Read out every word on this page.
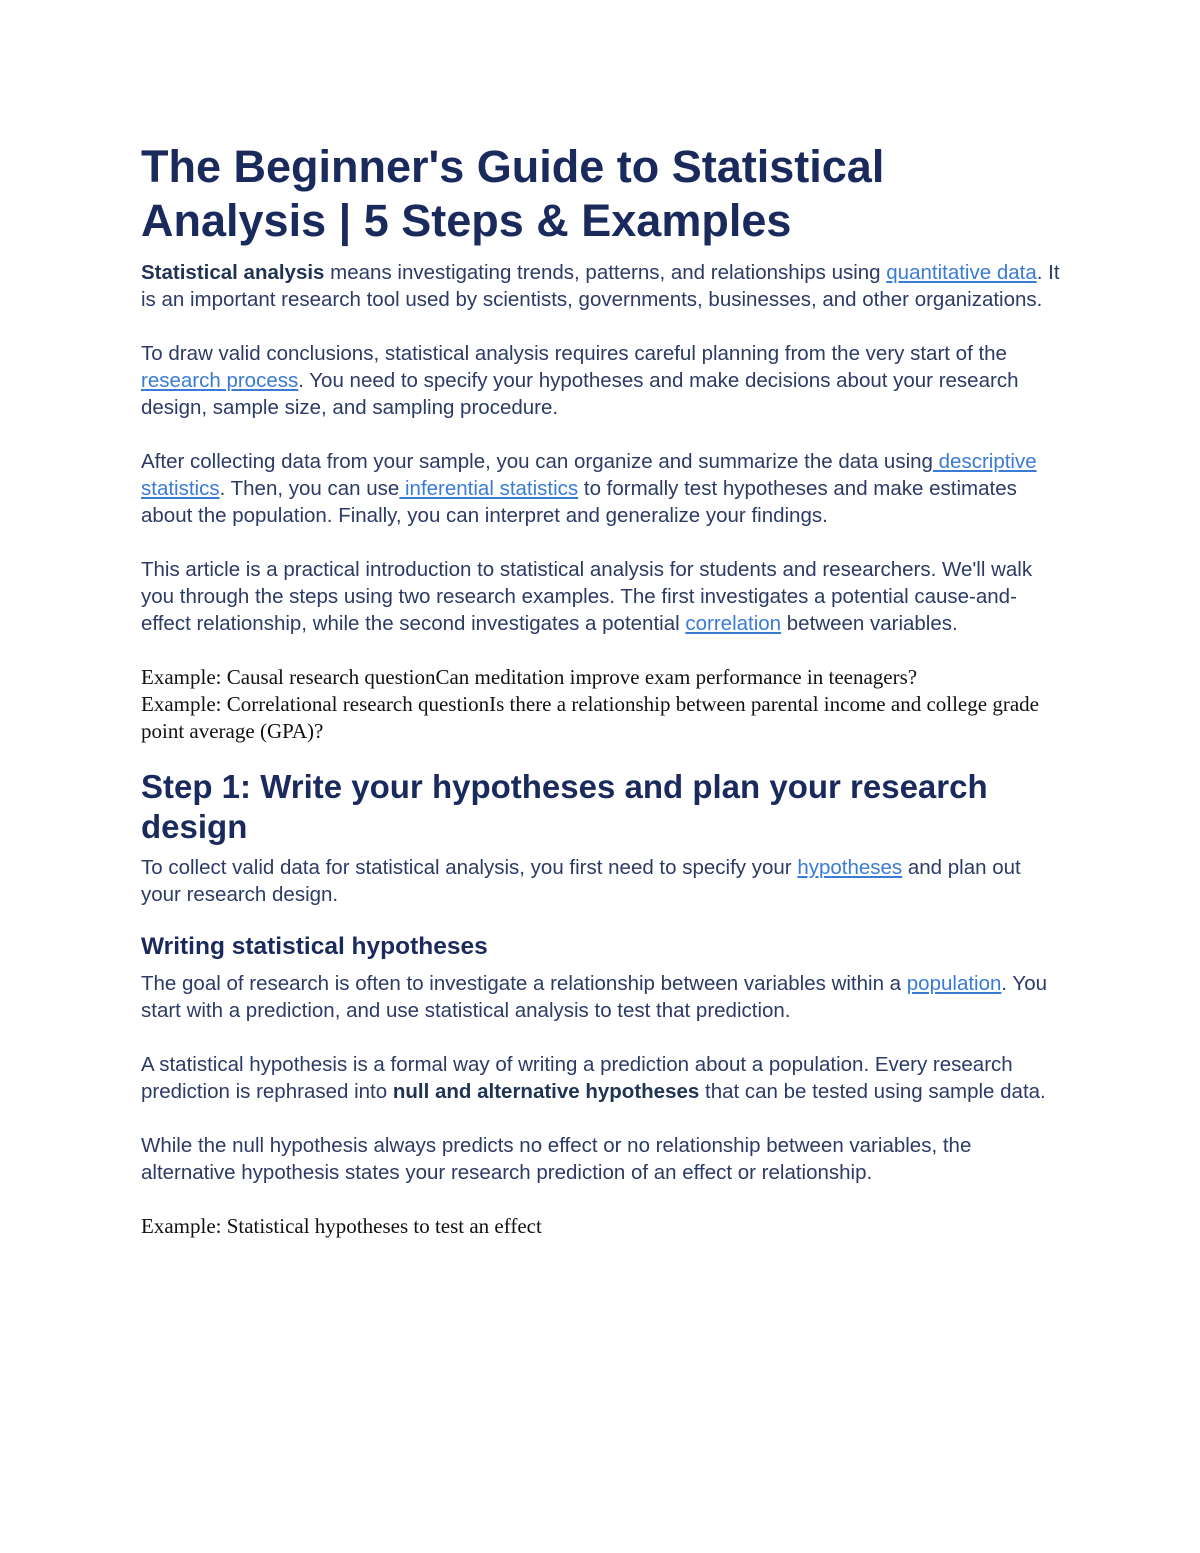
The Beginner's Guide to Statistical Analysis | 5 Steps & Examples

Statistical analysis means investigating trends, patterns, and relationships using quantitative data. It is an important research tool used by scientists, governments, businesses, and other organizations.

To draw valid conclusions, statistical analysis requires careful planning from the very start of the research process. You need to specify your hypotheses and make decisions about your research design, sample size, and sampling procedure.

After collecting data from your sample, you can organize and summarize the data using descriptive statistics. Then, you can use inferential statistics to formally test hypotheses and make estimates about the population. Finally, you can interpret and generalize your findings.

This article is a practical introduction to statistical analysis for students and researchers. We'll walk you through the steps using two research examples. The first investigates a potential cause-and-effect relationship, while the second investigates a potential correlation between variables.

Example: Causal research questionCan meditation improve exam performance in teenagers?

Example: Correlational research questionIs there a relationship between parental income and college grade point average (GPA)?

Step 1: Write your hypotheses and plan your research design

To collect valid data for statistical analysis, you first need to specify your hypotheses and plan out your research design.

Writing statistical hypotheses

The goal of research is often to investigate a relationship between variables within a population. You start with a prediction, and use statistical analysis to test that prediction.

A statistical hypothesis is a formal way of writing a prediction about a population. Every research prediction is rephrased into null and alternative hypotheses that can be tested using sample data.

While the null hypothesis always predicts no effect or no relationship between variables, the alternative hypothesis states your research prediction of an effect or relationship.

Example: Statistical hypotheses to test an effect
